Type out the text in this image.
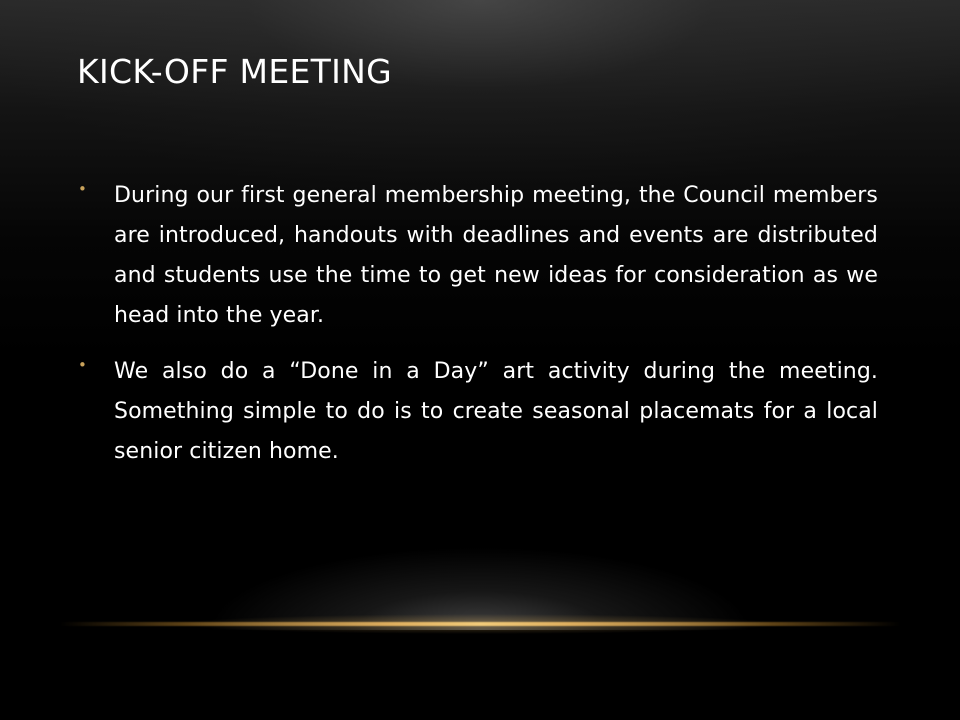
KICK-OFF MEETING
• During our first general membership meeting, the Council members are introduced, handouts with deadlines and events are distributed and students use the time to get new ideas for consideration as we head into the year.
• We also do a “Done in a Day” art activity during the meeting. Something simple to do is to create seasonal placemats for a local senior citizen home.
